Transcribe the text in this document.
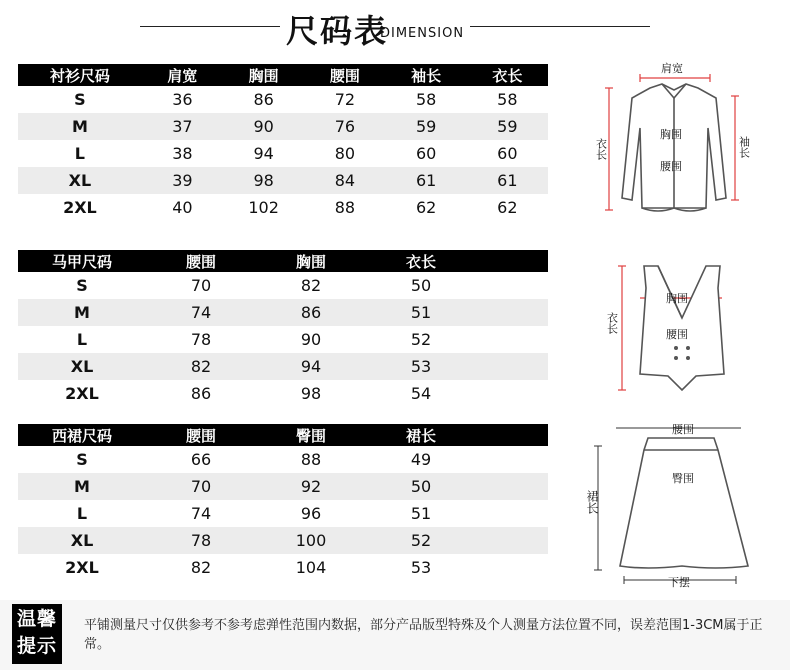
尺码表
DIMENSION
衬衫尺码	肩宽	胸围	腰围	袖长	衣长
S	36	86	72	58	58
M	37	90	76	59	59
L	38	94	80	60	60
XL	39	98	84	61	61
2XL	40	102	88	62	62
马甲尺码	腰围	胸围	衣长
S	70	82	50
M	74	86	51
L	78	90	52
XL	82	94	53
2XL	86	98	54
西裙尺码	腰围	臀围	裙长
S	66	88	49
M	70	92	50
L	74	96	51
XL	78	100	52
2XL	82	104	53
肩宽
胸围
腰围
衣长	袖长
胸围
腰围
衣长
腰围
臀围
下摆
裙长
温馨
提示
平铺测量尺寸仅供参考不参考虑弹性范围内数据，部分产品版型特殊及个人测量方法位置不同，误差范围1-3CM属于正常。
